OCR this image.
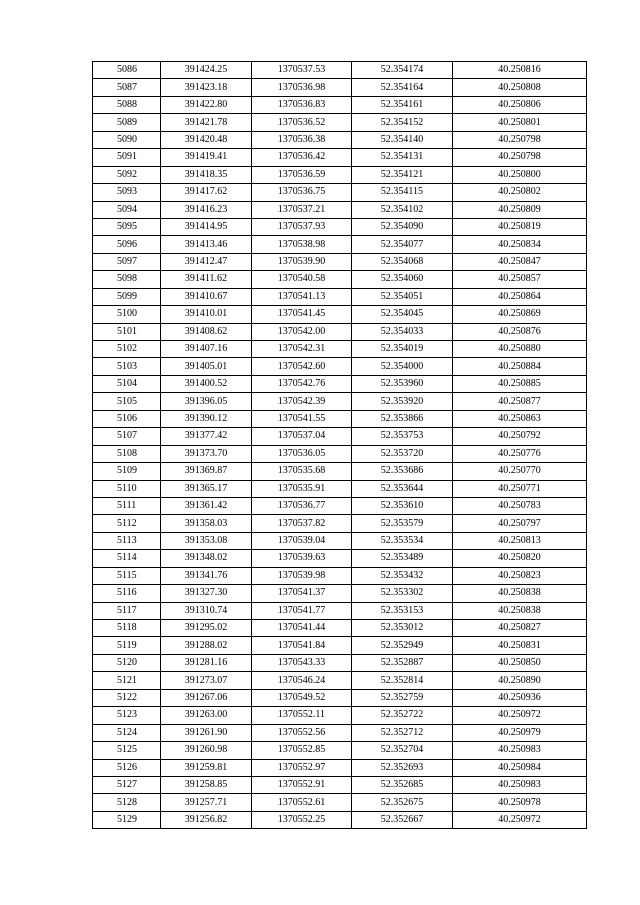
5086	391424.25	1370537.53	52.354174	40.250816
5087	391423.18	1370536.98	52.354164	40.250808
5088	391422.80	1370536.83	52.354161	40.250806
5089	391421.78	1370536.52	52.354152	40.250801
5090	391420.48	1370536.38	52.354140	40.250798
5091	391419.41	1370536.42	52.354131	40.250798
5092	391418.35	1370536.59	52.354121	40.250800
5093	391417.62	1370536.75	52.354115	40.250802
5094	391416.23	1370537.21	52.354102	40.250809
5095	391414.95	1370537.93	52.354090	40.250819
5096	391413.46	1370538.98	52.354077	40.250834
5097	391412.47	1370539.90	52.354068	40.250847
5098	391411.62	1370540.58	52.354060	40.250857
5099	391410.67	1370541.13	52.354051	40.250864
5100	391410.01	1370541.45	52.354045	40.250869
5101	391408.62	1370542.00	52.354033	40.250876
5102	391407.16	1370542.31	52.354019	40.250880
5103	391405.01	1370542.60	52.354000	40.250884
5104	391400.52	1370542.76	52.353960	40.250885
5105	391396.05	1370542.39	52.353920	40.250877
5106	391390.12	1370541.55	52.353866	40.250863
5107	391377.42	1370537.04	52.353753	40.250792
5108	391373.70	1370536.05	52.353720	40.250776
5109	391369.87	1370535.68	52.353686	40.250770
5110	391365.17	1370535.91	52.353644	40.250771
5111	391361.42	1370536.77	52.353610	40.250783
5112	391358.03	1370537.82	52.353579	40.250797
5113	391353.08	1370539.04	52.353534	40.250813
5114	391348.02	1370539.63	52.353489	40.250820
5115	391341.76	1370539.98	52.353432	40.250823
5116	391327.30	1370541.37	52.353302	40.250838
5117	391310.74	1370541.77	52.353153	40.250838
5118	391295.02	1370541.44	52.353012	40.250827
5119	391288.02	1370541.84	52.352949	40.250831
5120	391281.16	1370543.33	52.352887	40.250850
5121	391273.07	1370546.24	52.352814	40.250890
5122	391267.06	1370549.52	52.352759	40.250936
5123	391263.00	1370552.11	52.352722	40.250972
5124	391261.90	1370552.56	52.352712	40.250979
5125	391260.98	1370552.85	52.352704	40.250983
5126	391259.81	1370552.97	52.352693	40.250984
5127	391258.85	1370552.91	52.352685	40.250983
5128	391257.71	1370552.61	52.352675	40.250978
5129	391256.82	1370552.25	52.352667	40.250972
